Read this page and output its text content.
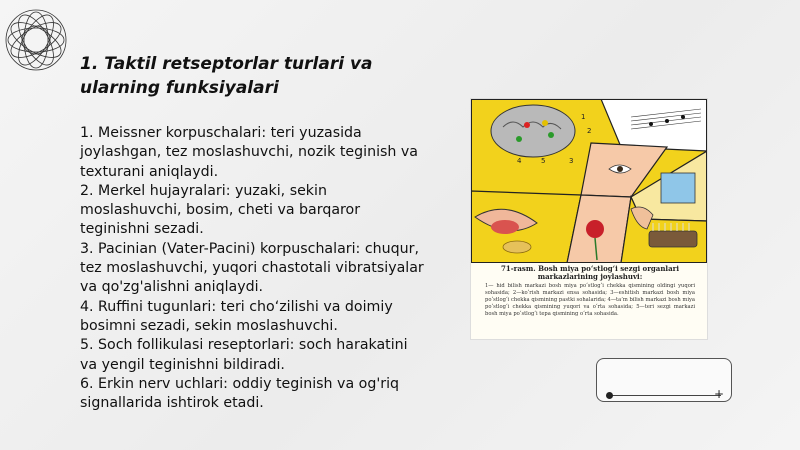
1. Taktil retseptorlar turlari va
ularning funksiyalari
1. Meissner korpuschalari: teri yuzasida joylashgan, tez moslashuvchi, nozik teginish va texturani aniqlaydi.
2. Merkel hujayralari: yuzaki, sekin moslashuvchi, bosim, cheti va barqaror teginishni sezadi.
3. Pacinian (Vater-Pacini) korpuschalari: chuqur, tez moslashuvchi, yuqori chastotali vibratsiyalar va qo'zg'alishni aniqlaydi.
4. Ruffini tugunlari: teri cho‘zilishi va doimiy bosimni sezadi, sekin moslashuvchi.
5. Soch follikulasi reseptorlari: soch harakatini va yengil teginishni bildiradi.
6. Erkin nerv uchlari: oddiy teginish va og'riq signallarida ishtirok etadi.
1
2
3
4	5
71-rasm. Bosh miya po‘stlog‘i sezgi organlari markazlarining joylashuvi:
1— hid bilish markazi bosh miya po‘stlog‘i chekka qismining oldingi yuqori sohasida; 2—ko‘rish markazi ensa sohasida; 3—eshitish markazi bosh miya po‘stlog‘i chekka qismining pastki sohalarida; 4—ta’m bilish markazi bosh miya po‘stlog‘i chekka qismining yuqori va o‘rta sohasida; 5—teri sezgi markazi bosh miya po‘stlog‘i tepa qismining o‘rta sohasida.
+
